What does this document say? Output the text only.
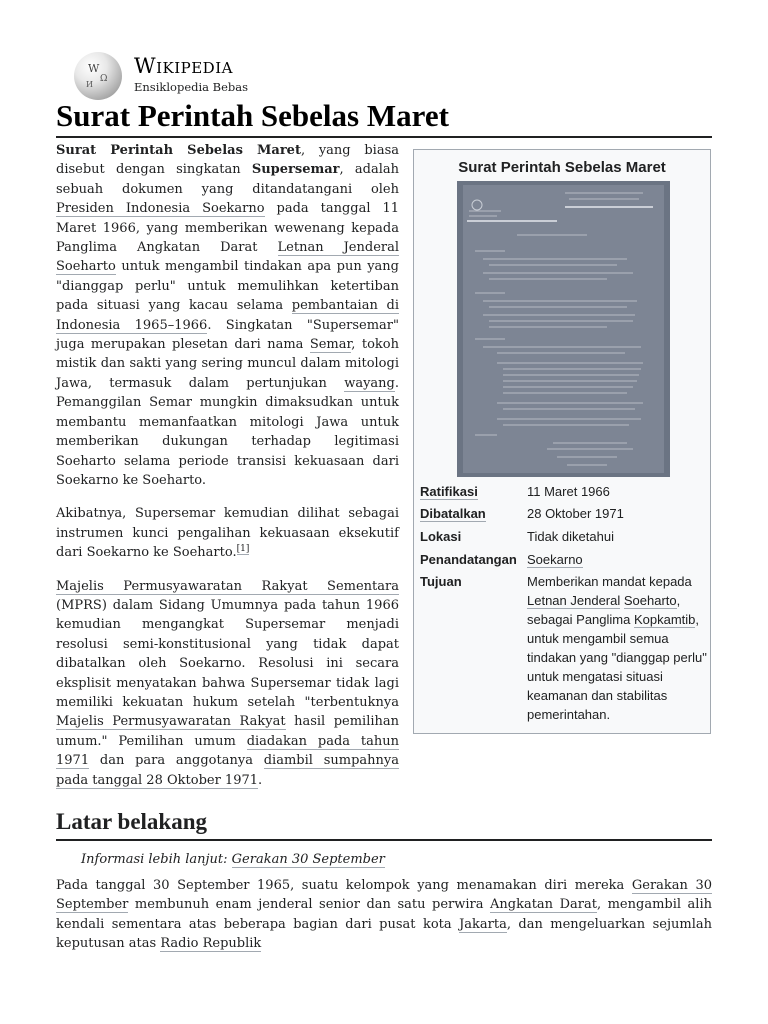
W
Ω
И
Wikipedia
Ensiklopedia Bebas
Surat Perintah Sebelas Maret

Surat Perintah Sebelas Maret, yang biasa disebut dengan singkatan Supersemar, adalah sebuah dokumen yang ditandatangani oleh Presiden Indonesia Soekarno pada tanggal 11 Maret 1966, yang memberikan wewenang kepada Panglima Angkatan Darat Letnan Jenderal Soeharto untuk mengambil tindakan apa pun yang "dianggap perlu" untuk memulihkan ketertiban pada situasi yang kacau selama pembantaian di Indonesia 1965–1966. Singkatan "Supersemar" juga merupakan plesetan dari nama Semar, tokoh mistik dan sakti yang sering muncul dalam mitologi Jawa, termasuk dalam pertunjukan wayang. Pemanggilan Semar mungkin dimaksudkan untuk membantu memanfaatkan mitologi Jawa untuk memberikan dukungan terhadap legitimasi Soeharto selama periode transisi kekuasaan dari Soekarno ke Soeharto.

Akibatnya, Supersemar kemudian dilihat sebagai instrumen kunci pengalihan kekuasaan eksekutif dari Soekarno ke Soeharto.[1]

Majelis Permusyawaratan Rakyat Sementara (MPRS) dalam Sidang Umumnya pada tahun 1966 kemudian mengangkat Supersemar menjadi resolusi semi-konstitusional yang tidak dapat dibatalkan oleh Soekarno. Resolusi ini secara eksplisit menyatakan bahwa Supersemar tidak lagi memiliki kekuatan hukum setelah "terbentuknya Majelis Permusyawaratan Rakyat hasil pemilihan umum." Pemilihan umum diadakan pada tahun 1971 dan para anggotanya diambil sumpahnya pada tanggal 28 Oktober 1971.

Surat Perintah Sebelas Maret
Ratifikasi	11 Maret 1966
Dibatalkan	28 Oktober 1971
Lokasi	Tidak diketahui
Penandatangan	Soekarno
Tujuan	Memberikan mandat kepada Letnan Jenderal Soeharto, sebagai Panglima Kopkamtib, untuk mengambil semua tindakan yang "dianggap perlu" untuk mengatasi situasi keamanan dan stabilitas pemerintahan.
Latar belakang
Informasi lebih lanjut: Gerakan 30 September
Pada tanggal 30 September 1965, suatu kelompok yang menamakan diri mereka Gerakan 30 September membunuh enam jenderal senior dan satu perwira Angkatan Darat, mengambil alih kendali sementara atas beberapa bagian dari pusat kota Jakarta, dan mengeluarkan sejumlah keputusan atas Radio Republik
